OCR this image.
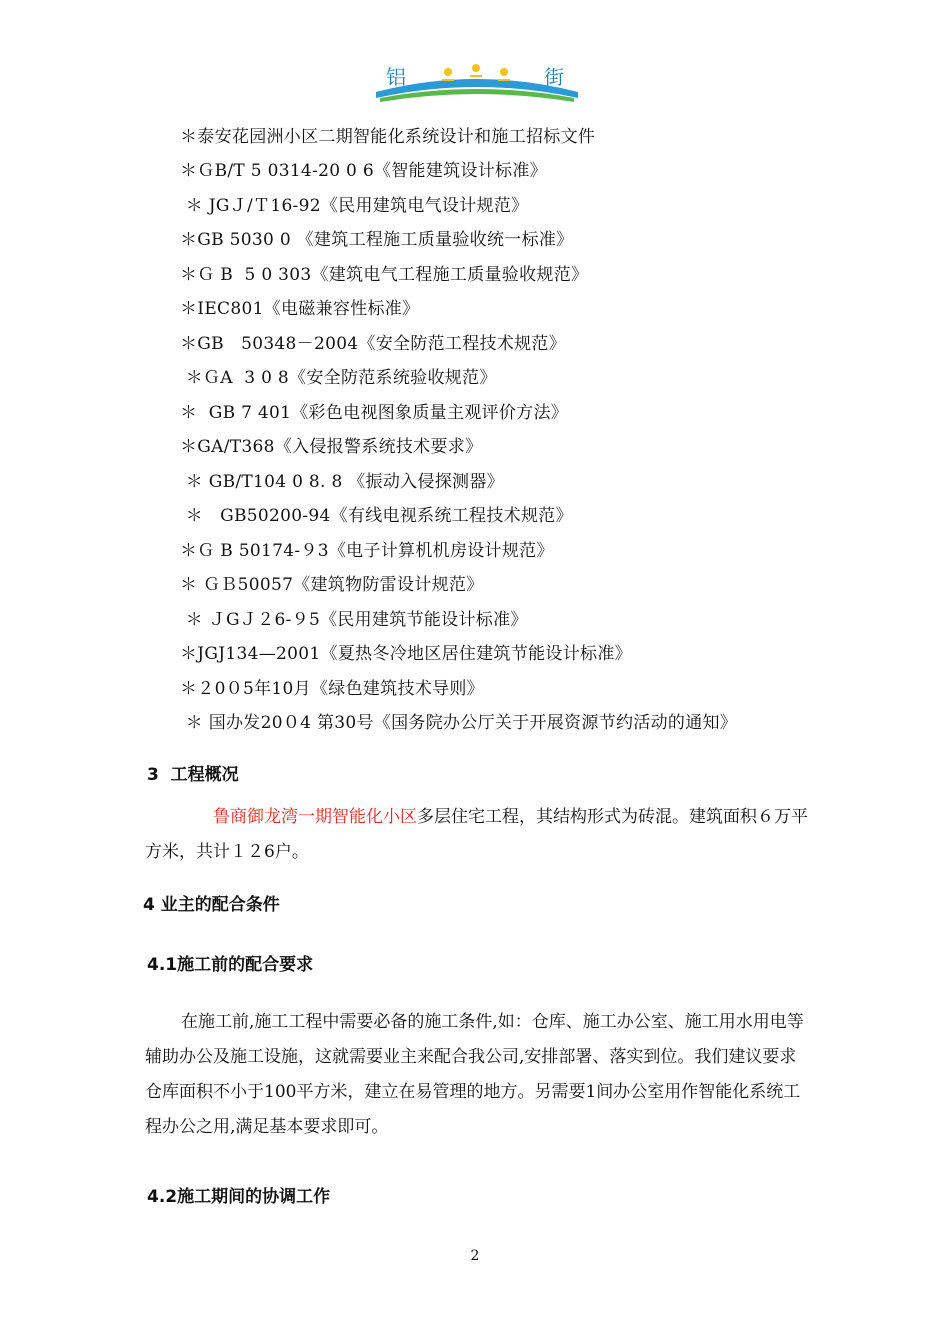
铝	街
＊泰安花园洲小区二期智能化系统设计和施工招标文件
＊ＧB/T 5 0314-20 0 6《智能建筑设计标准》
＊ JGＪ/Ｔ16-92《民用建筑电气设计规范》
＊GB 5030 0 《建筑工程施工质量验收统一标准》
＊Ｇ B  5 0 303《建筑电气工程施工质量验收规范》
＊IEC801《电磁兼容性标准》
＊GB   50348－2004《安全防范工程技术规范》
＊ＧA  3 0 8《安全防范系统验收规范》
＊  GB 7 401《彩色电视图象质量主观评价方法》
＊GA/T368《入侵报警系统技术要求》
＊ GB/T104 0 8. 8 《振动入侵探测器》
＊   GB50200-94《有线电视系统工程技术规范》
＊Ｇ B 50174-９3《电子计算机机房设计规范》
＊ ＧＢ50057《建筑物防雷设计规范》
＊ ＪGＪ２6-９5《民用建筑节能设计标准》
＊JGJ134—2001《夏热冬冷地区居住建筑节能设计标准》
＊２0０5年10月《绿色建筑技术导则》
＊ 国办发20０4 第30号《国务院办公厅关于开展资源节约活动的通知》
3  工程概况
鲁商御龙湾一期智能化小区多层住宅工程，其结构形式为砖混。建筑面积６万平方米，共计１２6户。
4 业主的配合条件
4.1施工前的配合要求
在施工前,施工工程中需要必备的施工条件,如：仓库、施工办公室、施工用水用电等辅助办公及施工设施，这就需要业主来配合我公司,安排部署、落实到位。我们建议要求仓库面积不小于100平方米，建立在易管理的地方。另需要1间办公室用作智能化系统工程办公之用,满足基本要求即可。
4.2施工期间的协调工作
2
